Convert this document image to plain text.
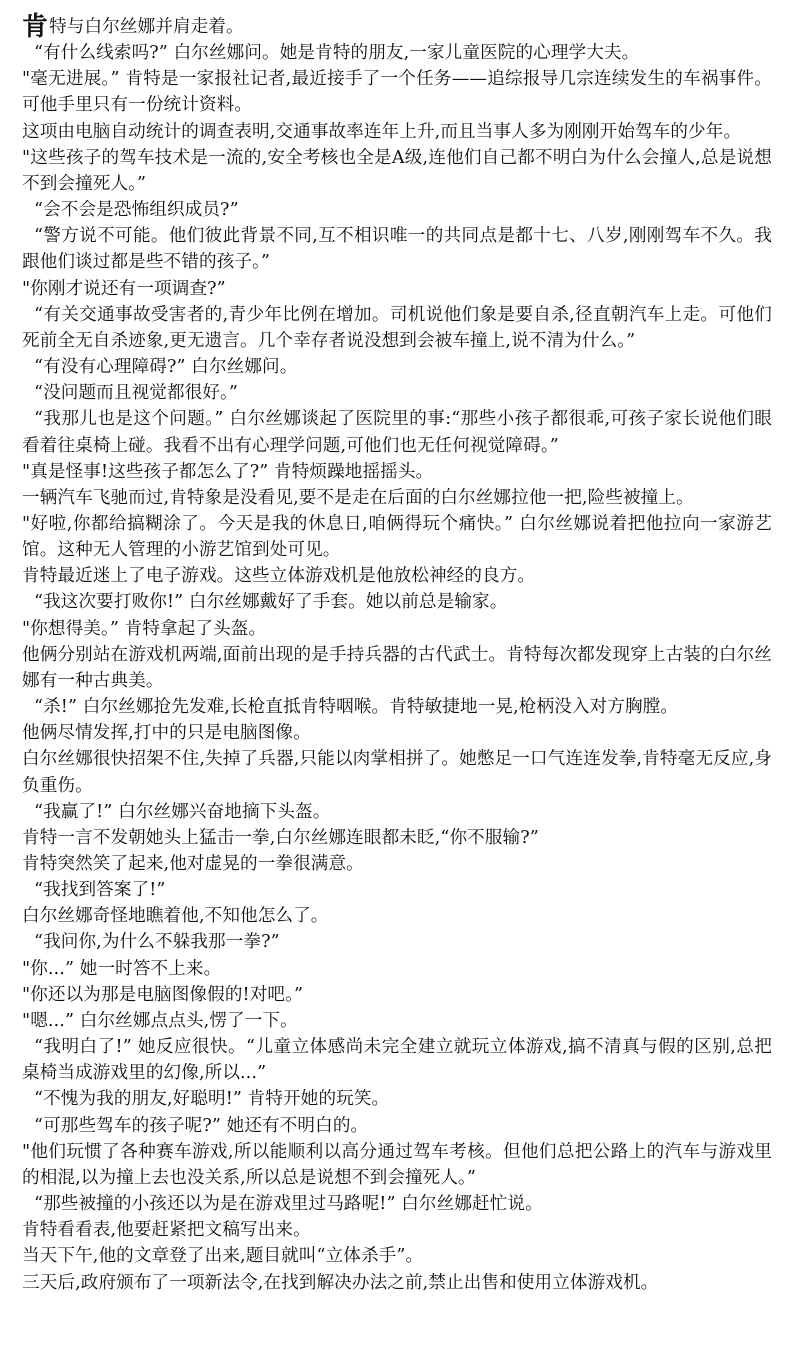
肯特与白尔丝娜并肩走着。

“有什么线索吗?” 白尔丝娜问。她是肯特的朋友,一家儿童医院的心理学大夫。

"毫无进展。” 肯特是一家报社记者,最近接手了一个任务——追综报导几宗连续发生的车祸事件。可他手里只有一份统计资料。

这项由电脑自动统计的调查表明,交通事故率连年上升,而且当事人多为刚刚开始驾车的少年。

"这些孩子的驾车技术是一流的,安全考核也全是A级,连他们自己都不明白为什么会撞人,总是说想不到会撞死人。”

“会不会是恐怖组织成员?”

“警方说不可能。他们彼此背景不同,互不相识唯一的共同点是都十七、八岁,刚刚驾车不久。我跟他们谈过都是些不错的孩子。”

"你刚才说还有一项调查?”

“有关交通事故受害者的,青少年比例在增加。司机说他们象是要自杀,径直朝汽车上走。可他们死前全无自杀迹象,更无遗言。几个幸存者说没想到会被车撞上,说不清为什么。”

“有没有心理障碍?” 白尔丝娜问。

“没问题而且视觉都很好。”

“我那儿也是这个问题。” 白尔丝娜谈起了医院里的事:“那些小孩子都很乖,可孩子家长说他们眼看着往桌椅上碰。我看不出有心理学问题,可他们也无任何视觉障碍。”

"真是怪事!这些孩子都怎么了?” 肯特烦躁地摇摇头。

一辆汽车飞驰而过,肯特象是没看见,要不是走在后面的白尔丝娜拉他一把,险些被撞上。

"好啦,你都给搞糊涂了。今天是我的休息日,咱俩得玩个痛快。” 白尔丝娜说着把他拉向一家游艺馆。这种无人管理的小游艺馆到处可见。

肯特最近迷上了电子游戏。这些立体游戏机是他放松神经的良方。

“我这次要打败你!” 白尔丝娜戴好了手套。她以前总是输家。

"你想得美。” 肯特拿起了头盔。

他俩分别站在游戏机两端,面前出现的是手持兵器的古代武士。肯特每次都发现穿上古装的白尔丝娜有一种古典美。

“杀!” 白尔丝娜抢先发难,长枪直抵肯特咽喉。肯特敏捷地一晃,枪柄没入对方胸膛。

他俩尽情发挥,打中的只是电脑图像。

白尔丝娜很快招架不住,失掉了兵器,只能以肉掌相拼了。她憋足一口气连连发拳,肯特毫无反应,身负重伤。

“我赢了!” 白尔丝娜兴奋地摘下头盔。

肯特一言不发朝她头上猛击一拳,白尔丝娜连眼都未眨,“你不服输?”

肯特突然笑了起来,他对虚晃的一拳很满意。

“我找到答案了!”

白尔丝娜奇怪地瞧着他,不知他怎么了。

“我问你,为什么不躲我那一拳?”

"你...” 她一时答不上来。

"你还以为那是电脑图像假的!对吧。”

"嗯...” 白尔丝娜点点头,愣了一下。

“我明白了!” 她反应很快。“儿童立体感尚未完全建立就玩立体游戏,搞不清真与假的区别,总把桌椅当成游戏里的幻像,所以...”

“不愧为我的朋友,好聪明!” 肯特开她的玩笑。

“可那些驾车的孩子呢?” 她还有不明白的。

"他们玩惯了各种赛车游戏,所以能顺利以高分通过驾车考核。但他们总把公路上的汽车与游戏里的相混,以为撞上去也没关系,所以总是说想不到会撞死人。”

“那些被撞的小孩还以为是在游戏里过马路呢!” 白尔丝娜赶忙说。

肯特看看表,他要赶紧把文稿写出来。

当天下午,他的文章登了出来,题目就叫“立体杀手”。

三天后,政府颁布了一项新法令,在找到解决办法之前,禁止出售和使用立体游戏机。
